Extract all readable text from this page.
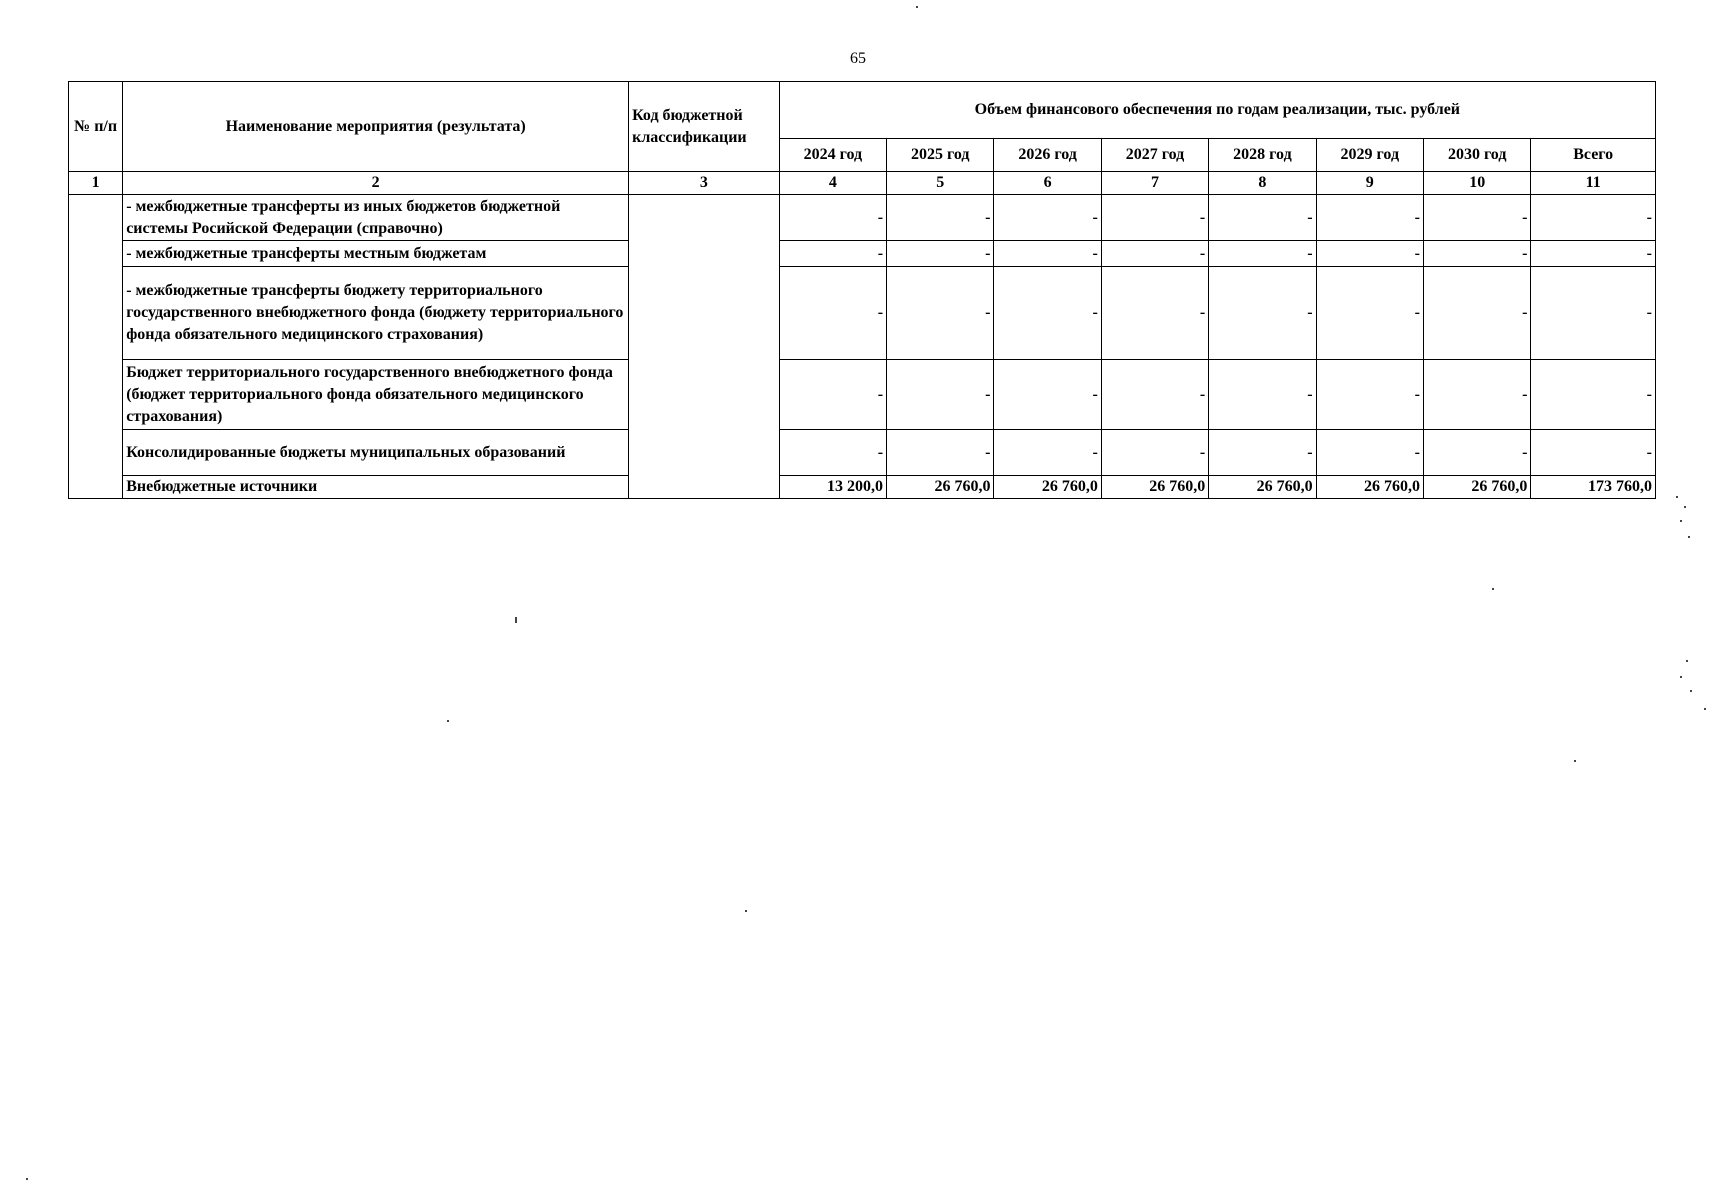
65
№ п/п	Наименование мероприятия (результата)	Код бюджетной классификации	Объем финансового обеспечения по годам реализации, тыс. рублей							
			2024 год	2025 год	2026 год	2027 год	2028 год	2029 год	2030 год	Всего
1	2	3	4	5	6	7	8	9	10	11
	- межбюджетные трансферты из иных бюджетов бюджетной системы Росийской Федерации (справочно)		-	-	-	-	-	-	-	-
	- межбюджетные трансферты местным бюджетам		-	-	-	-	-	-	-	-
	- межбюджетные трансферты бюджету территориального государственного внебюджетного фонда (бюджету территориального фонда обязательного медицинского страхования)		-	-	-	-	-	-	-	-
	Бюджет территориального государственного внебюджетного фонда (бюджет территориального фонда обязательного медицинского страхования)		-	-	-	-	-	-	-	-
	Консолидированные бюджеты муниципальных образований		-	-	-	-	-	-	-	-
	Внебюджетные источники		13 200,0	26 760,0	26 760,0	26 760,0	26 760,0	26 760,0	26 760,0	173 760,0
